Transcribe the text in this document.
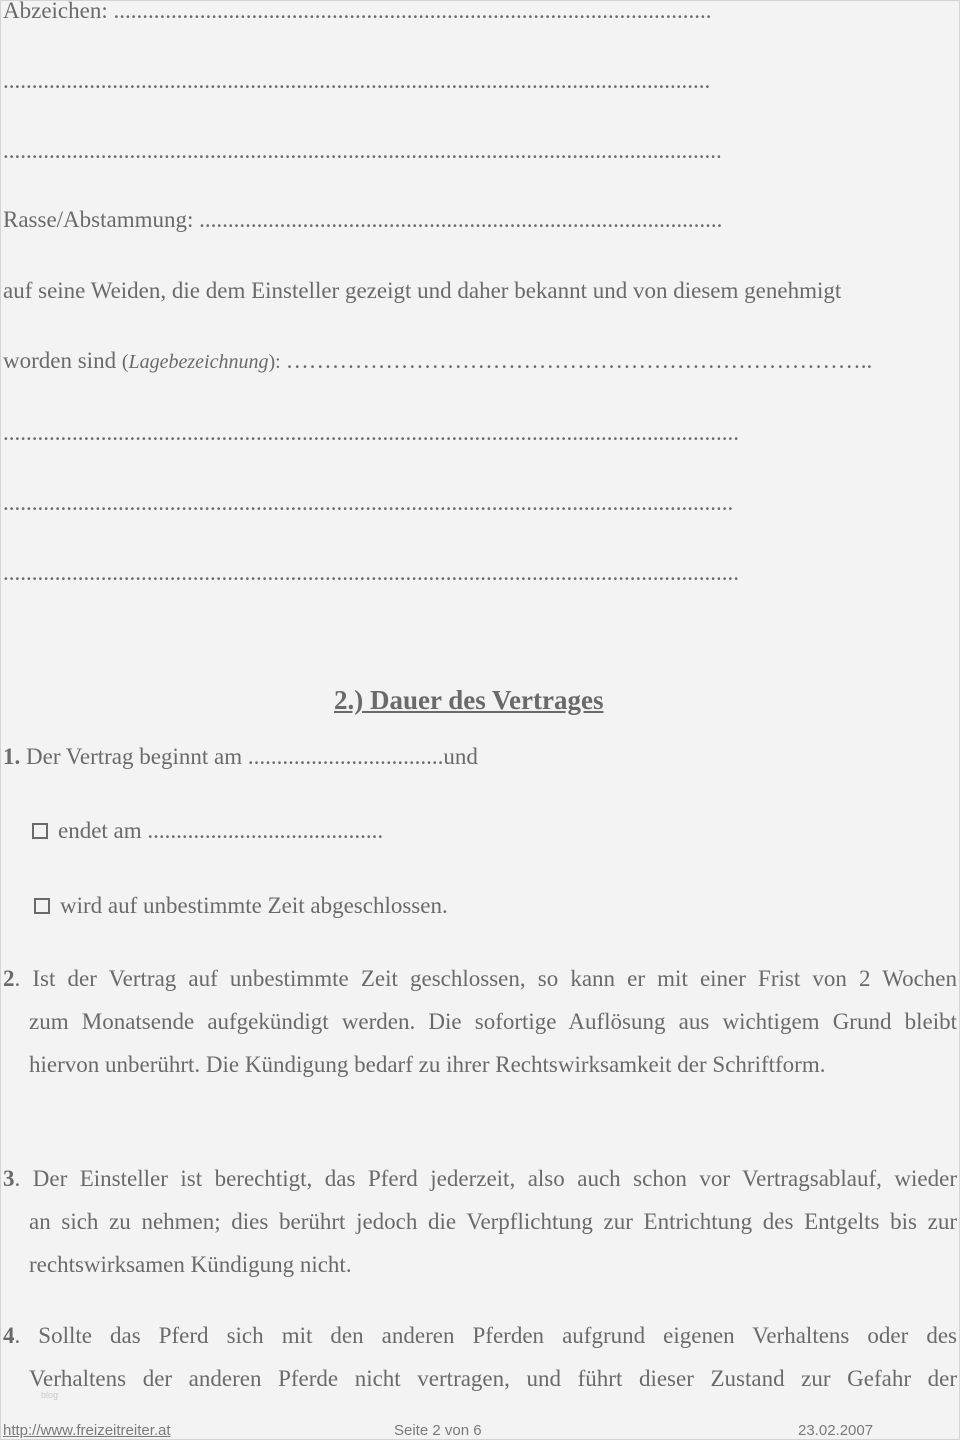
Abzeichen: ........................................................................................................
...........................................................................................................................
.............................................................................................................................
Rasse/Abstammung: ...........................................................................................
auf seine Weiden, die dem Einsteller gezeigt und daher bekannt und von diesem genehmigt
worden sind (Lagebezeichnung): …………………………………………………………………..
................................................................................................................................
...............................................................................................................................
................................................................................................................................
2.) Dauer des Vertrages
1. Der Vertrag beginnt am ..................................und
endet am .........................................
wird auf unbestimmte Zeit abgeschlossen.
2. Ist der Vertrag auf unbestimmte Zeit geschlossen, so kann er mit einer Frist von 2 Wochen
zum Monatsende aufgekündigt werden. Die sofortige Auflösung aus wichtigem Grund bleibt hiervon unberührt. Die Kündigung bedarf zu ihrer Rechtswirksamkeit der Schriftform.
3. Der Einsteller ist berechtigt, das Pferd jederzeit, also auch schon vor Vertragsablauf, wieder
an sich zu nehmen; dies berührt jedoch die Verpflichtung zur Entrichtung des Entgelts bis zur rechtswirksamen Kündigung nicht.
4. Sollte das Pferd sich mit den anderen Pferden aufgrund eigenen Verhaltens oder des
Verhaltens der anderen Pferde nicht vertragen, und führt dieser Zustand zur Gefahr der
blog
http://www.freizeitreiter.at	Seite 2 von 6	23.02.2007
